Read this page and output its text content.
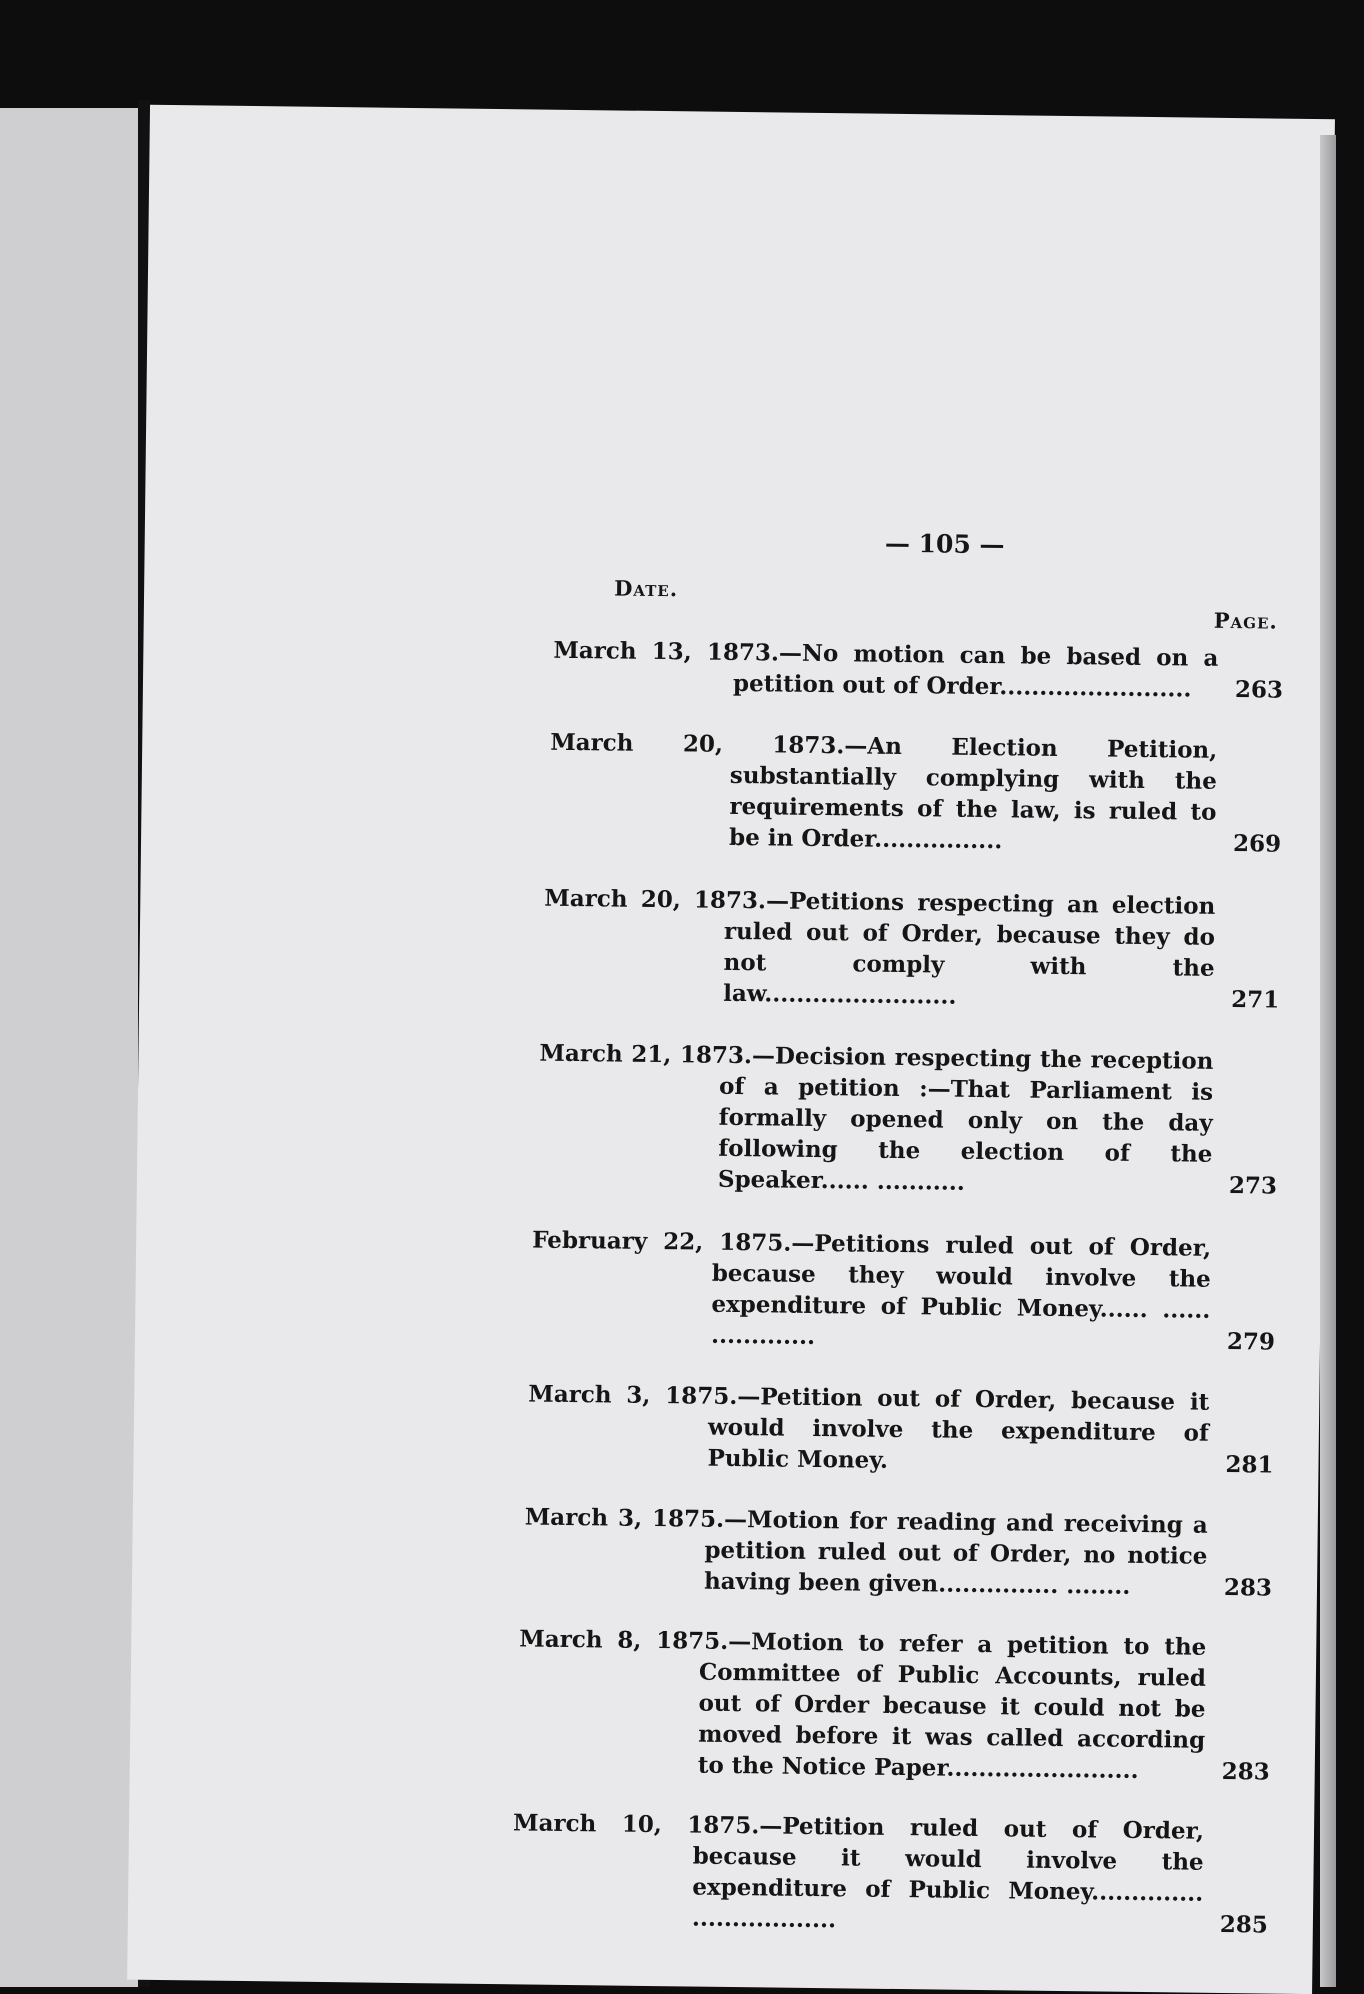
— 105 —
Date.
Page.
March 13, 1873.—No motion can be based on a petition out of Order........................ 263
March 20, 1873.—An Election Petition, substantially complying with the requirements of the law, is ruled to be in Order................	269
March 20, 1873.—Petitions respecting an election ruled out of Order, because they do not comply with the law........................	271
March 21, 1873.—Decision respecting the reception of a petition :—That Parliament is formally opened only on the day following the election of the Speaker...... ...........	273
February 22, 1875.—Petitions ruled out of Order, because they would involve the expenditure of Public Money...... ...... .............	279
March 3, 1875.—Petition out of Order, because it would involve the expenditure of Public Money.	281
March 3, 1875.—Motion for reading and receiving a petition ruled out of Order, no notice having been given............... ........	283
March 8, 1875.—Motion to refer a petition to the Committee of Public Accounts, ruled out of Order because it could not be moved before it was called according to the Notice Paper........................	283
March 10, 1875.—Petition ruled out of Order, because it would involve the expenditure of Public Money.............. ..................	285
